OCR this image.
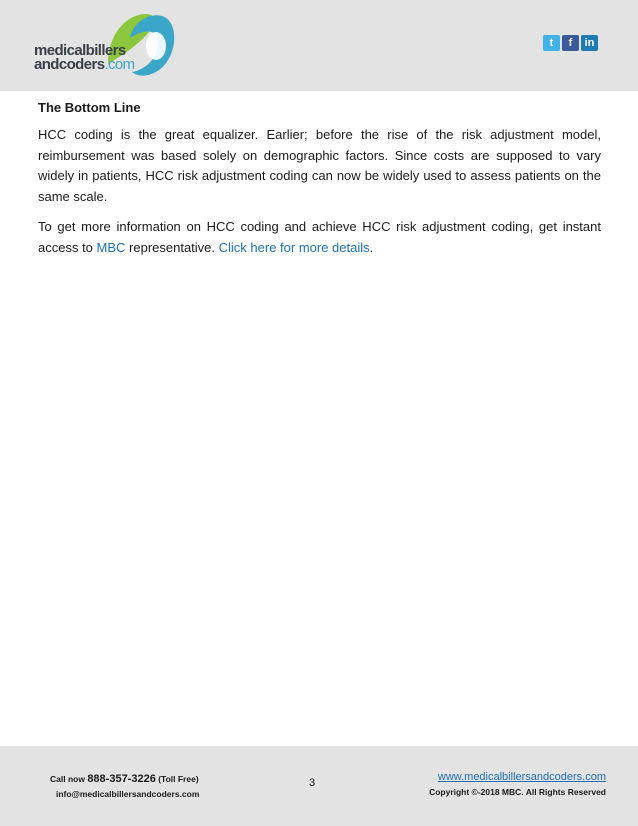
medicalbillers
andcoders.com
t	f	in

The Bottom Line

HCC coding is the great equalizer. Earlier; before the rise of the risk adjustment model, reimbursement was based solely on demographic factors. Since costs are supposed to vary widely in patients, HCC risk adjustment coding can now be widely used to assess patients on the same scale.

To get more information on HCC coding and achieve HCC risk adjustment coding, get instant access to MBC representative. Click here for more details.

Call now 888-357-3226 (Toll Free)
info@medicalbillersandcoders.com
3	www.medicalbillersandcoders.com
Copyright ©-2018 MBC. All Rights Reserved
